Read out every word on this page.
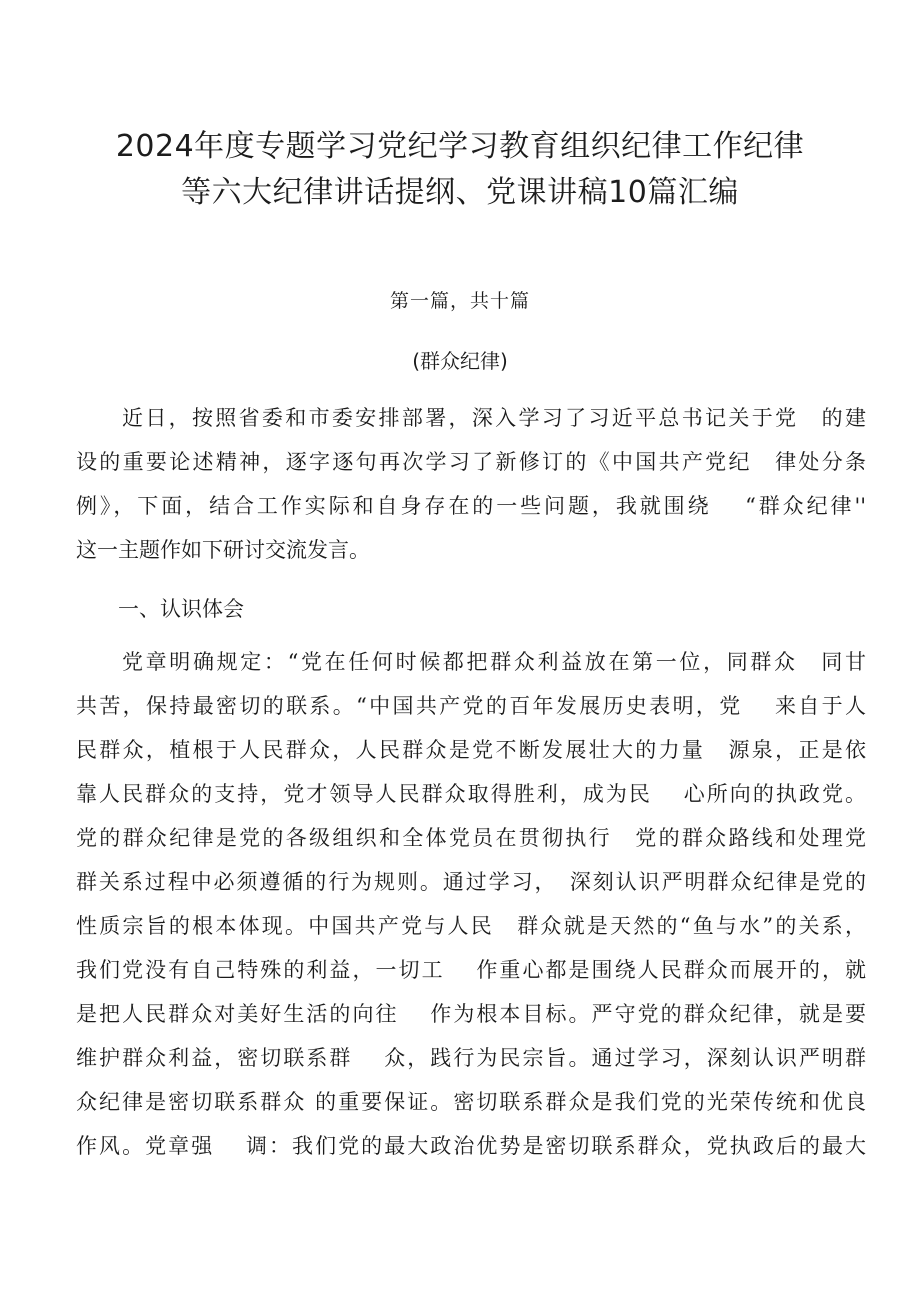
2024年度专题学习党纪学习教育组织纪律工作纪律
等六大纪律讲话提纲、党课讲稿10篇汇编
第一篇，共十篇
(群众纪律)
近日，按照省委和市委安排部署，深入学习了习近平总书记关于党　的建
设的重要论述精神，逐字逐句再次学习了新修订的《中国共产党纪　律处分条
例》，下面，结合工作实际和自身存在的一些问题，我就围绕　 “群众纪律''
这一主题作如下研讨交流发言。
一、认识体会
党章明确规定：“党在任何时候都把群众利益放在第一位，同群众　同甘
共苦，保持最密切的联系。“中国共产党的百年发展历史表明，党　 来自于人
民群众，植根于人民群众，人民群众是党不断发展壮大的力量　源泉，正是依
靠人民群众的支持，党才领导人民群众取得胜利，成为民　 心所向的执政党。
党的群众纪律是党的各级组织和全体党员在贯彻执行　党的群众路线和处理党
群关系过程中必须遵循的行为规则。通过学习，　深刻认识严明群众纪律是党的
性质宗旨的根本体现。中国共产党与人民　群众就是天然的“鱼与水”的关系，
我们党没有自己特殊的利益，一切工　 作重心都是围绕人民群众而展开的，就
是把人民群众对美好生活的向往　 作为根本目标。严守党的群众纪律，就是要
维护群众利益，密切联系群　 众，践行为民宗旨。通过学习，深刻认识严明群
众纪律是密切联系群众 的重要保证。密切联系群众是我们党的光荣传统和优良
作风。党章强　 调：我们党的最大政治优势是密切联系群众，党执政后的最大
